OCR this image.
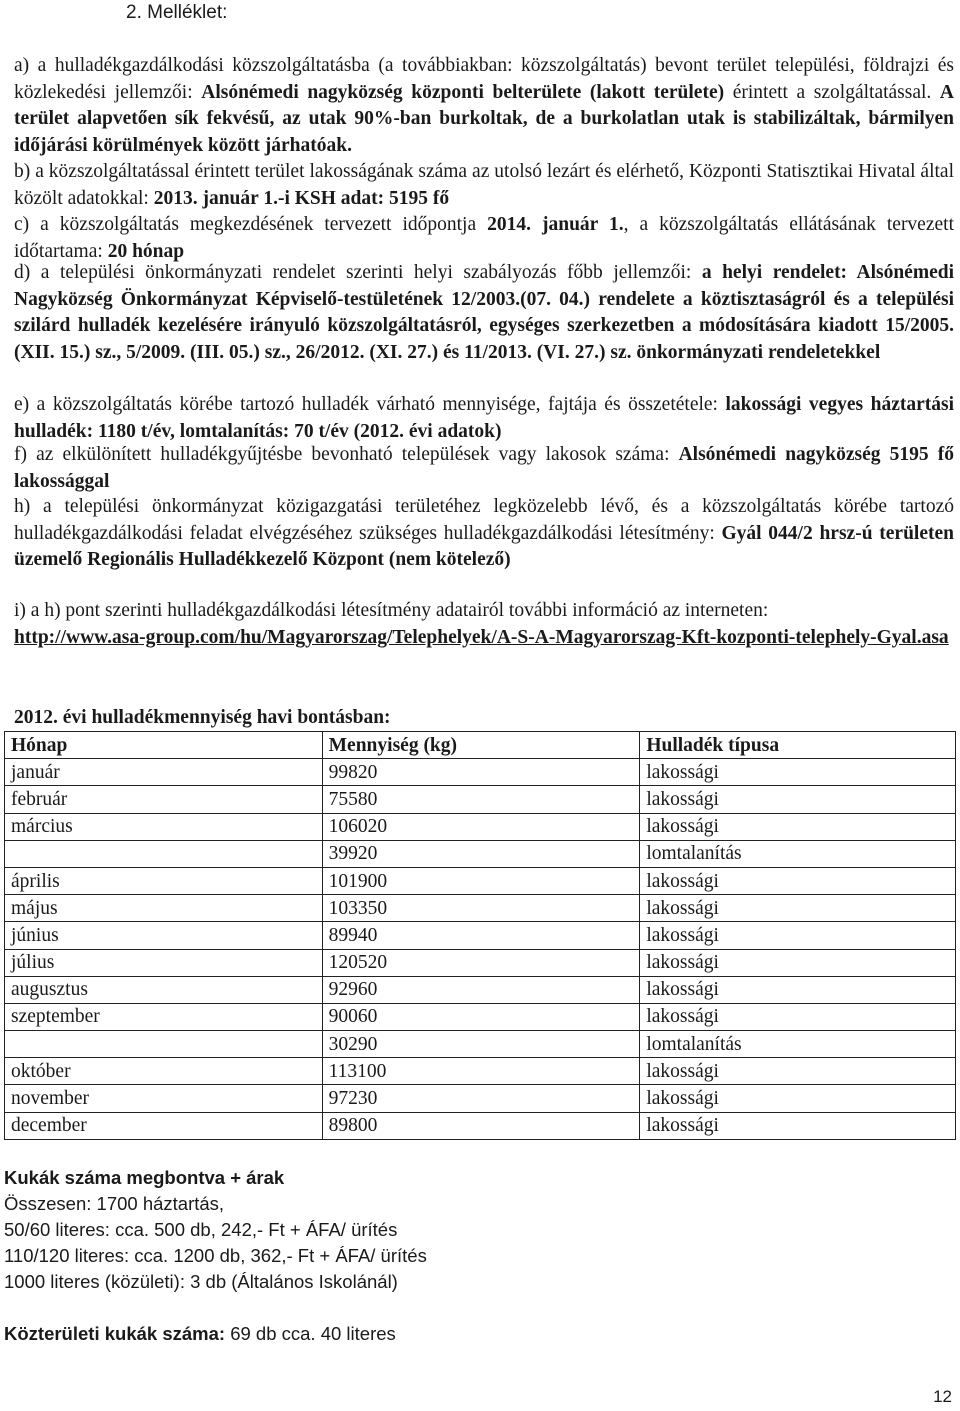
2. Melléklet:
a) a hulladékgazdálkodási közszolgáltatásba (a továbbiakban: közszolgáltatás) bevont terület települési, földrajzi és közlekedési jellemzői: Alsónémedi nagyközség központi belterülete (lakott területe) érintett a szolgáltatással. A terület alapvetően sík fekvésű, az utak 90%-ban burkoltak, de a burkolatlan utak is stabilizáltak, bármilyen időjárási körülmények között járhatóak.
b) a közszolgáltatással érintett terület lakosságának száma az utolsó lezárt és elérhető, Központi Statisztikai Hivatal által közölt adatokkal: 2013. január 1.-i KSH adat: 5195 fő
c) a közszolgáltatás megkezdésének tervezett időpontja 2014. január 1., a közszolgáltatás ellátásának tervezett időtartama: 20 hónap
d) a települési önkormányzati rendelet szerinti helyi szabályozás főbb jellemzői: a helyi rendelet: Alsónémedi Nagyközség Önkormányzat Képviselő-testületének 12/2003.(07. 04.) rendelete a köztisztaságról és a települési szilárd hulladék kezelésére irányuló közszolgáltatásról, egységes szerkezetben a módosítására kiadott 15/2005. (XII. 15.) sz., 5/2009. (III. 05.) sz., 26/2012. (XI. 27.) és 11/2013. (VI. 27.) sz. önkormányzati rendeletekkel
e) a közszolgáltatás körébe tartozó hulladék várható mennyisége, fajtája és összetétele: lakossági vegyes háztartási hulladék: 1180 t/év, lomtalanítás: 70 t/év (2012. évi adatok)
f) az elkülönített hulladékgyűjtésbe bevonható települések vagy lakosok száma: Alsónémedi nagyközség 5195 fő lakossággal
h) a települési önkormányzat közigazgatási területéhez legközelebb lévő, és a közszolgáltatás körébe tartozó hulladékgazdálkodási feladat elvégzéséhez szükséges hulladékgazdálkodási létesítmény: Gyál 044/2 hrsz-ú területen üzemelő Regionális Hulladékkezelő Központ (nem kötelező)
i) a h) pont szerinti hulladékgazdálkodási létesítmény adatairól további információ az interneten:
http://www.asa-group.com/hu/Magyarorszag/Telephelyek/A-S-A-Magyarorszag-Kft-kozponti-telephely-Gyal.asa
2012. évi hulladékmennyiség havi bontásban:
Hónap	Mennyiség (kg)	Hulladék típusa
január	99820	lakossági
február	75580	lakossági
március	106020	lakossági
	39920	lomtalanítás
április	101900	lakossági
május	103350	lakossági
június	89940	lakossági
július	120520	lakossági
augusztus	92960	lakossági
szeptember	90060	lakossági
	30290	lomtalanítás
október	113100	lakossági
november	97230	lakossági
december	89800	lakossági
Kukák száma megbontva + árak
Összesen: 1700 háztartás,
50/60 literes: cca. 500 db, 242,- Ft + ÁFA/ ürítés
110/120 literes: cca. 1200 db, 362,- Ft + ÁFA/ ürítés
1000 literes (közületi): 3 db (Általános Iskolánál)
Közterületi kukák száma: 69 db cca. 40 literes
12
